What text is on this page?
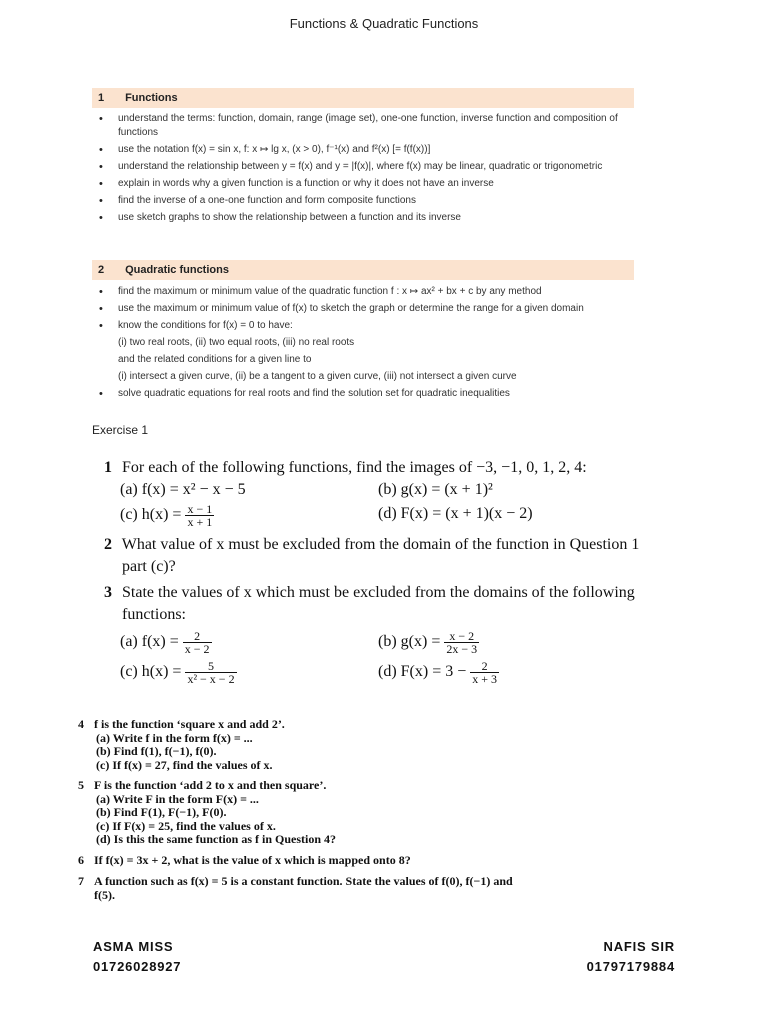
Functions & Quadratic Functions
1 Functions
• understand the terms: function, domain, range (image set), one-one function, inverse function and composition of functions
• use the notation f(x) = sin x, f: x ↦ lg x, (x > 0), f⁻¹(x) and f²(x) [= f(f(x))]
• understand the relationship between y = f(x) and y = |f(x)|, where f(x) may be linear, quadratic or trigonometric
• explain in words why a given function is a function or why it does not have an inverse
• find the inverse of a one-one function and form composite functions
• use sketch graphs to show the relationship between a function and its inverse
2 Quadratic functions
• find the maximum or minimum value of the quadratic function f : x ↦ ax² + bx + c by any method
• use the maximum or minimum value of f(x) to sketch the graph or determine the range for a given domain
• know the conditions for f(x) = 0 to have:
(i) two real roots, (ii) two equal roots, (iii) no real roots
and the related conditions for a given line to
(i) intersect a given curve, (ii) be a tangent to a given curve, (iii) not intersect a given curve
• solve quadratic equations for real roots and find the solution set for quadratic inequalities
Exercise 1
1 For each of the following functions, find the images of −3, −1, 0, 1, 2, 4:
(a) f(x) = x² − x − 5	(b) g(x) = (x + 1)²
(c) $h(x) = \frac{x - 1}{x + 1}$	(d) F(x) = (x + 1)(x − 2)
2 What value of x must be excluded from the domain of the function in Question 1
part (c)?
3 State the values of x which must be excluded from the domains of the following
functions:
(a) $f(x) = \frac{2}{x - 2}$	(b) $g(x) = \frac{x - 2}{2x - 3}$
(c) $h(x) = \frac{5}{\text{x² − x − 2}}$	(d) $F(x) = 3 - \frac{2}{x + 3}$
4 f is the function ‘square x and add 2’.
(a) Write f in the form f(x) = ...
(b) Find f(1), f(−1), f(0).
(c) If f(x) = 27, find the values of x.
5 F is the function ‘add 2 to x and then square’.
(a) Write F in the form F(x) = ...
(b) Find F(1), F(−1), F(0).
(c) If F(x) = 25, find the values of x.
(d) Is this the same function as f in Question 4?
6 If f(x) = 3x + 2, what is the value of x which is mapped onto 8?
7 A function such as f(x) = 5 is a constant function. State the values of f(0), f(−1) and
f(5).
ASMA MISS
01726028927
NAFIS SIR
01797179884
